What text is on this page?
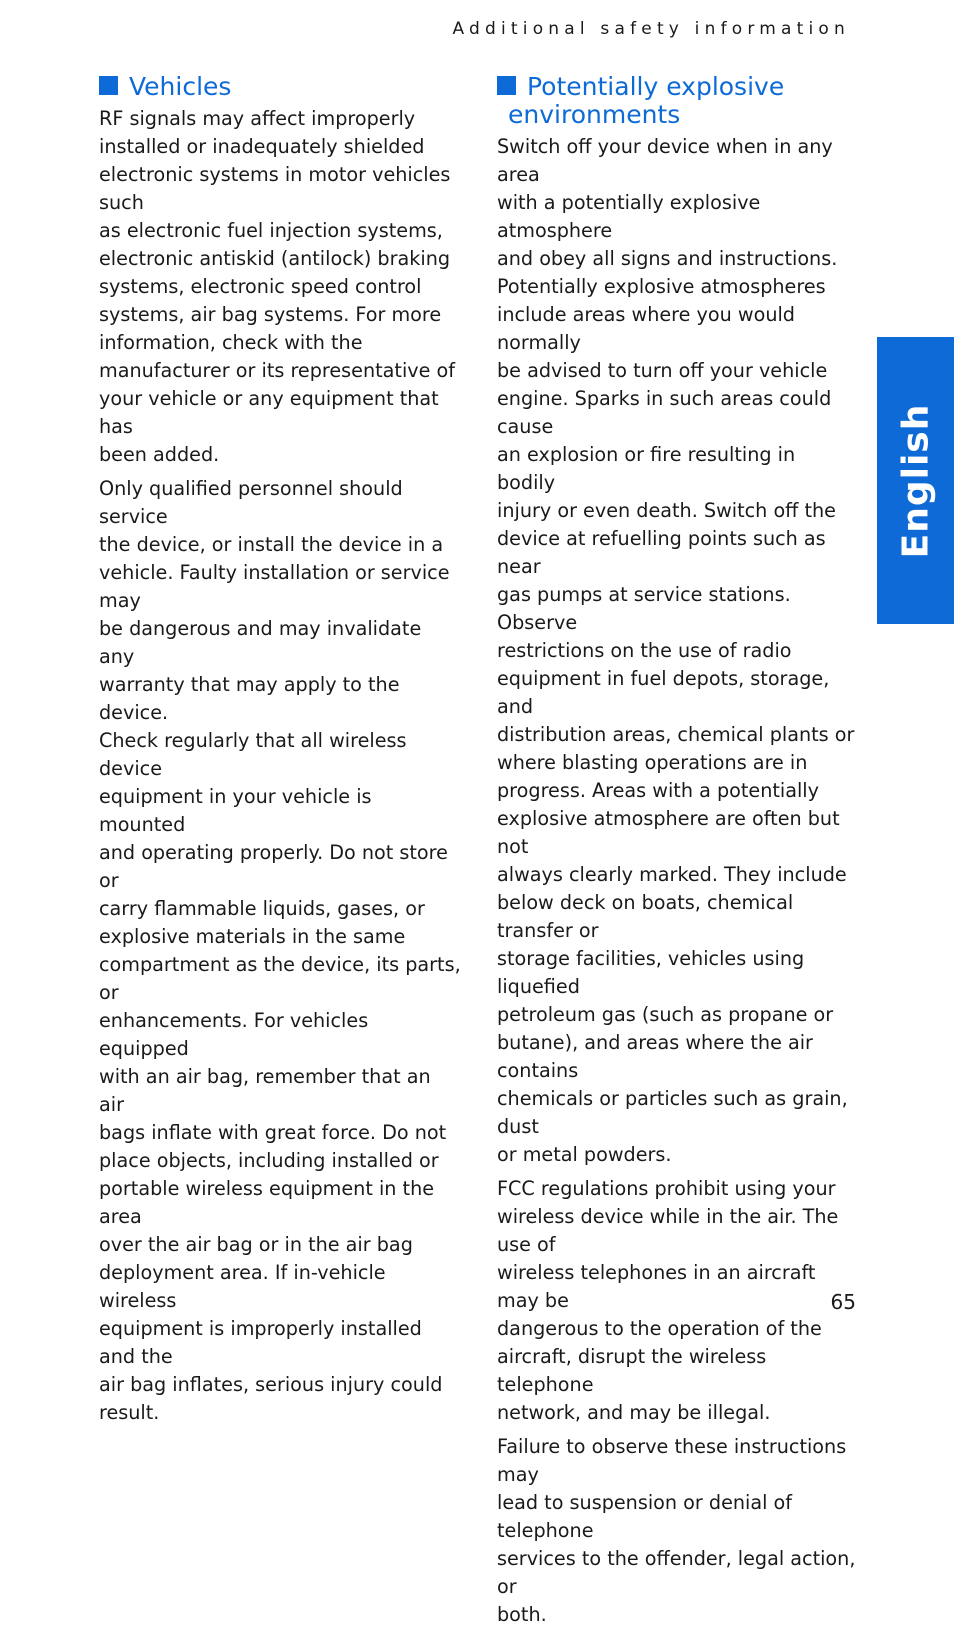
Additional safety information
Vehicles

RF signals may affect improperly
installed or inadequately shielded
electronic systems in motor vehicles such
as electronic fuel injection systems,
electronic antiskid (antilock) braking
systems, electronic speed control
systems, air bag systems. For more
information, check with the
manufacturer or its representative of
your vehicle or any equipment that has
been added.

Only qualified personnel should service
the device, or install the device in a
vehicle. Faulty installation or service may
be dangerous and may invalidate any
warranty that may apply to the device.
Check regularly that all wireless device
equipment in your vehicle is mounted
and operating properly. Do not store or
carry flammable liquids, gases, or
explosive materials in the same
compartment as the device, its parts, or
enhancements. For vehicles equipped
with an air bag, remember that an air
bags inflate with great force. Do not
place objects, including installed or
portable wireless equipment in the area
over the air bag or in the air bag
deployment area. If in-vehicle wireless
equipment is improperly installed and the
air bag inflates, serious injury could
result.

Potentially explosive
environments

Switch off your device when in any area
with a potentially explosive atmosphere
and obey all signs and instructions.
Potentially explosive atmospheres
include areas where you would normally
be advised to turn off your vehicle
engine. Sparks in such areas could cause
an explosion or fire resulting in bodily
injury or even death. Switch off the
device at refuelling points such as near
gas pumps at service stations. Observe
restrictions on the use of radio
equipment in fuel depots, storage, and
distribution areas, chemical plants or
where blasting operations are in
progress. Areas with a potentially
explosive atmosphere are often but not
always clearly marked. They include
below deck on boats, chemical transfer or
storage facilities, vehicles using liquefied
petroleum gas (such as propane or
butane), and areas where the air contains
chemicals or particles such as grain, dust
or metal powders.

FCC regulations prohibit using your
wireless device while in the air. The use of
wireless telephones in an aircraft may be
dangerous to the operation of the
aircraft, disrupt the wireless telephone
network, and may be illegal.

Failure to observe these instructions may
lead to suspension or denial of telephone
services to the offender, legal action, or
both.

English
65
